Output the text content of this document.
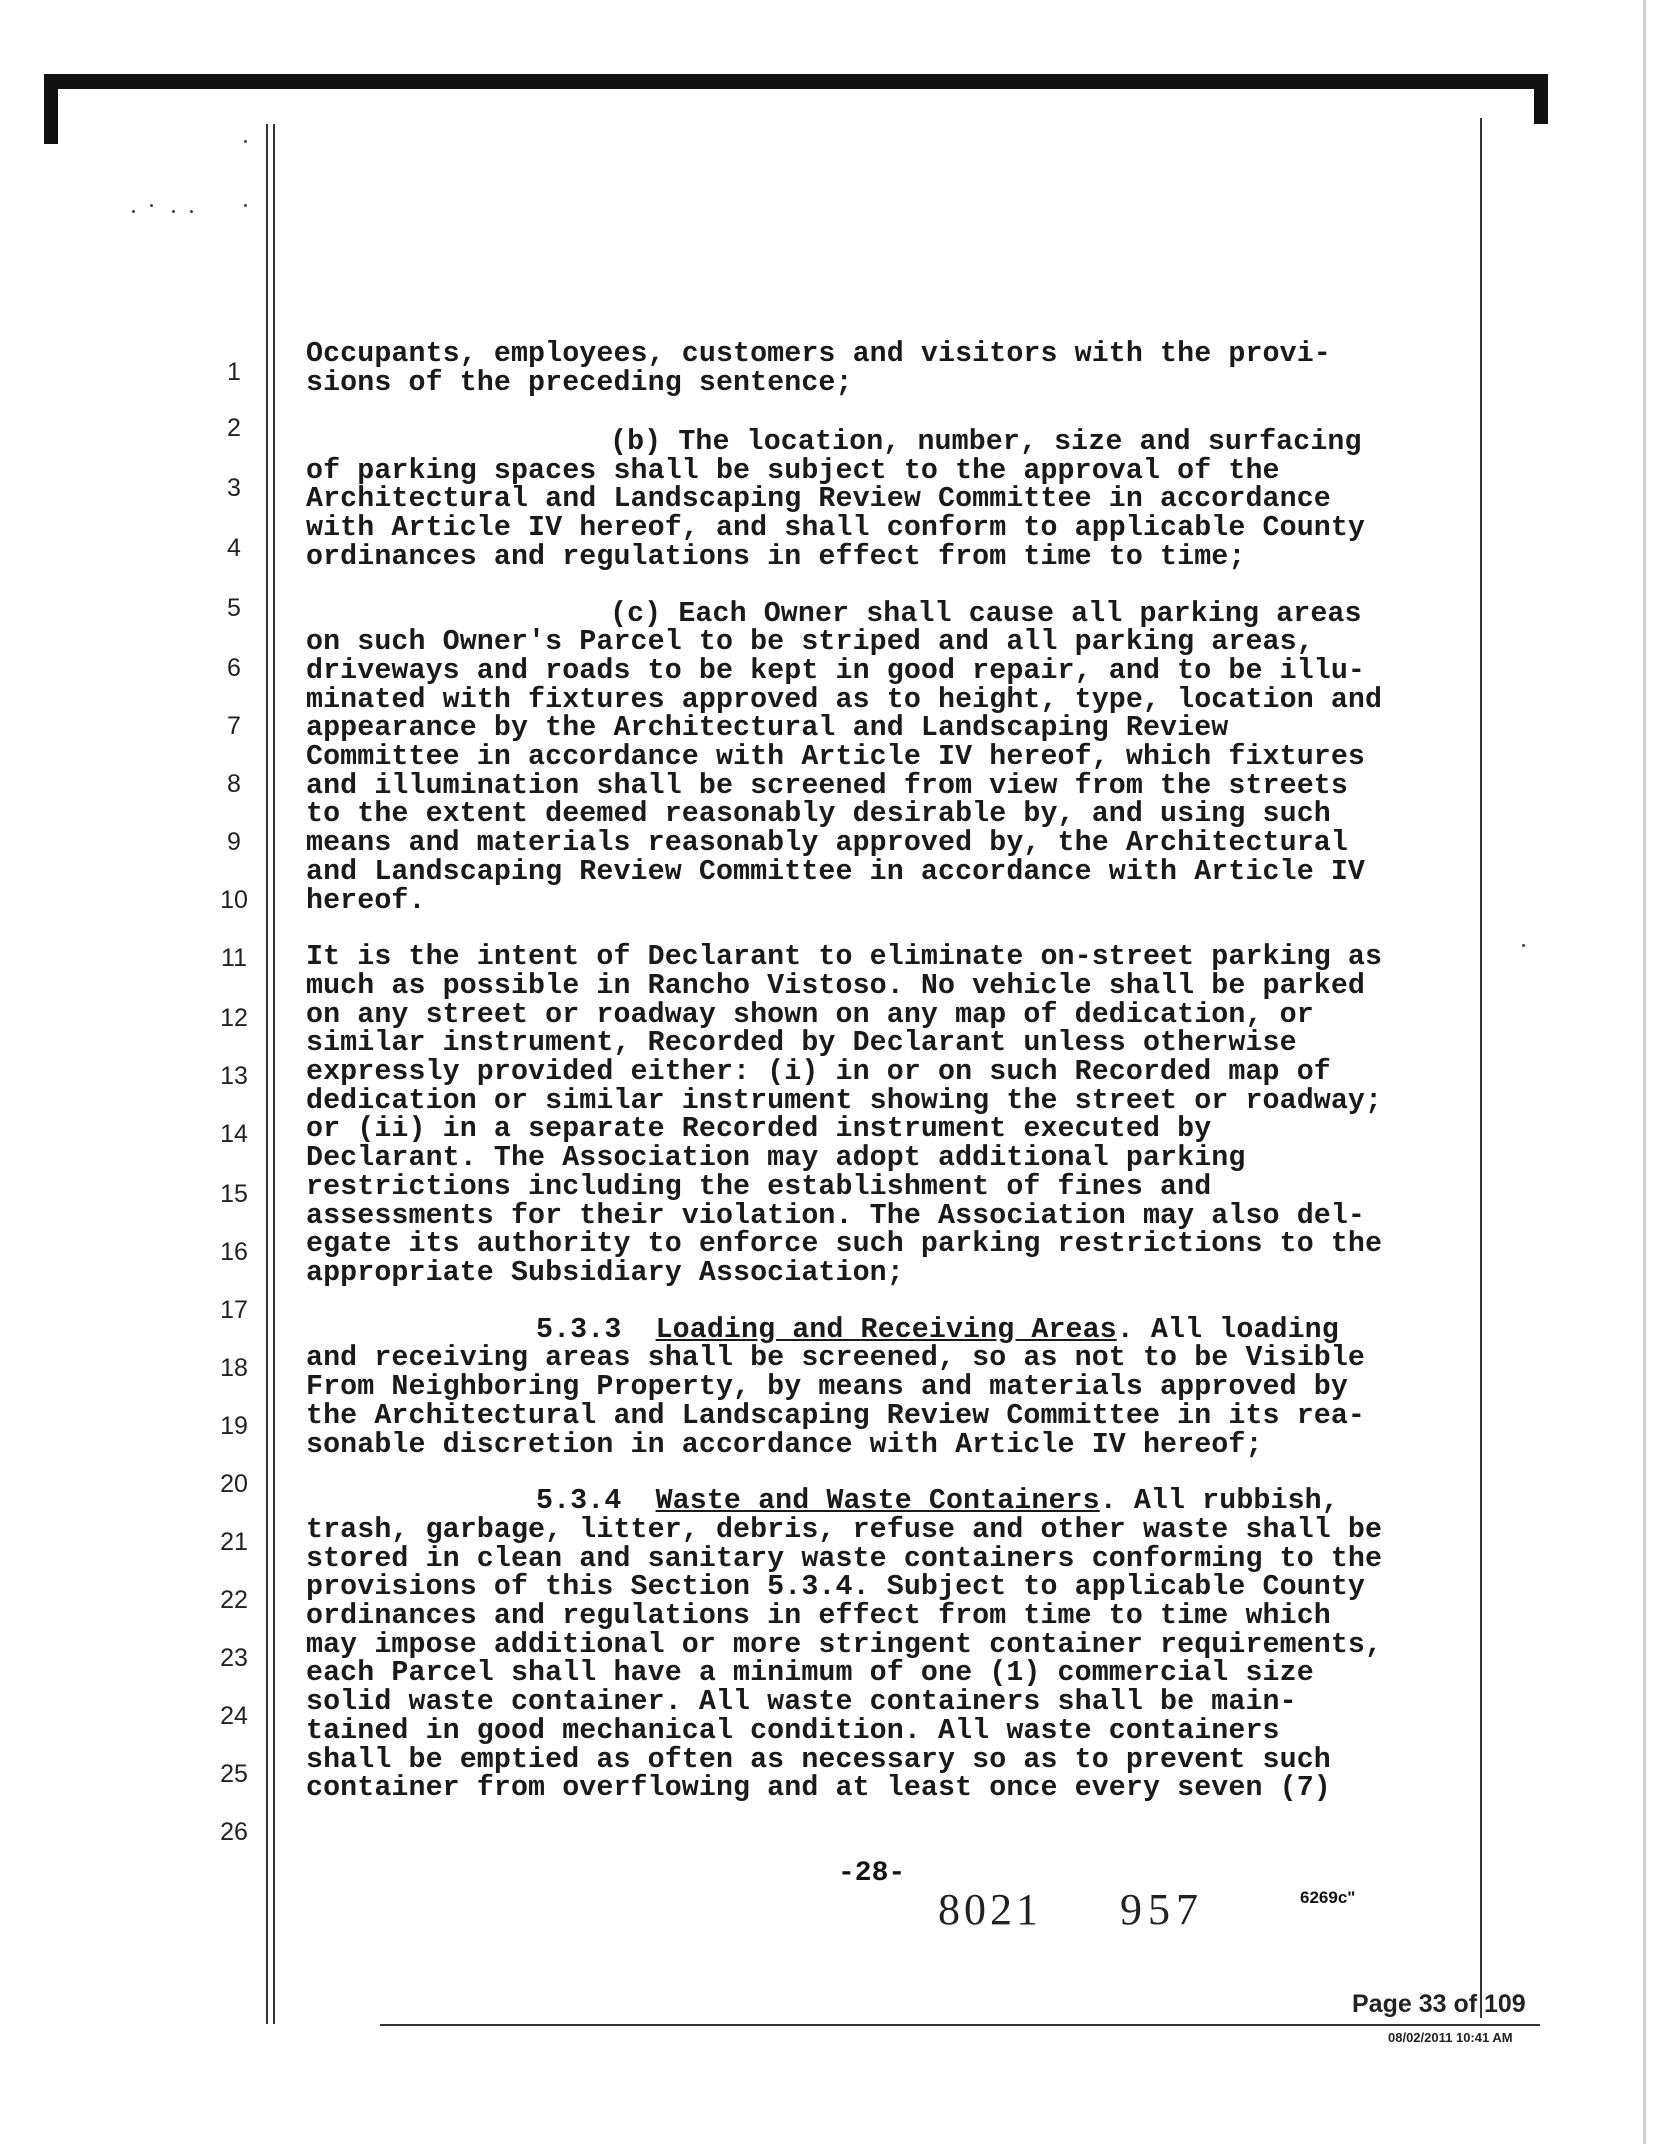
1
2
3
4
5
6
7
8
9
10
11
12
13
14
15
16
17
18
19
20
21
22
23
24
25
26
Occupants, employees, customers and visitors with the provi-
sions of the preceding sentence;
(b) The location, number, size and surfacing
of parking spaces shall be subject to the approval of the
Architectural and Landscaping Review Committee in accordance
with Article IV hereof, and shall conform to applicable County
ordinances and regulations in effect from time to time;
(c) Each Owner shall cause all parking areas
on such Owner's Parcel to be striped and all parking areas,
driveways and roads to be kept in good repair, and to be illu-
minated with fixtures approved as to height, type, location and
appearance by the Architectural and Landscaping Review
Committee in accordance with Article IV hereof, which fixtures
and illumination shall be screened from view from the streets
to the extent deemed reasonably desirable by, and using such
means and materials reasonably approved by, the Architectural
and Landscaping Review Committee in accordance with Article IV
hereof.
It is the intent of Declarant to eliminate on-street parking as
much as possible in Rancho Vistoso. No vehicle shall be parked
on any street or roadway shown on any map of dedication, or
similar instrument, Recorded by Declarant unless otherwise
expressly provided either: (i) in or on such Recorded map of
dedication or similar instrument showing the street or roadway;
or (ii) in a separate Recorded instrument executed by
Declarant. The Association may adopt additional parking
restrictions including the establishment of fines and
assessments for their violation. The Association may also del-
egate its authority to enforce such parking restrictions to the
appropriate Subsidiary Association;
5.3.3 Loading and Receiving Areas. All loading
and receiving areas shall be screened, so as not to be Visible
From Neighboring Property, by means and materials approved by
the Architectural and Landscaping Review Committee in its rea-
sonable discretion in accordance with Article IV hereof;
5.3.4 Waste and Waste Containers. All rubbish,
trash, garbage, litter, debris, refuse and other waste shall be
stored in clean and sanitary waste containers conforming to the
provisions of this Section 5.3.4. Subject to applicable County
ordinances and regulations in effect from time to time which
may impose additional or more stringent container requirements,
each Parcel shall have a minimum of one (1) commercial size
solid waste container. All waste containers shall be main-
tained in good mechanical condition. All waste containers
shall be emptied as often as necessary so as to prevent such
container from overflowing and at least once every seven (7)
-28-
8021 957	6269c"
Page 33 of 109
08/02/2011 10:41 AM
